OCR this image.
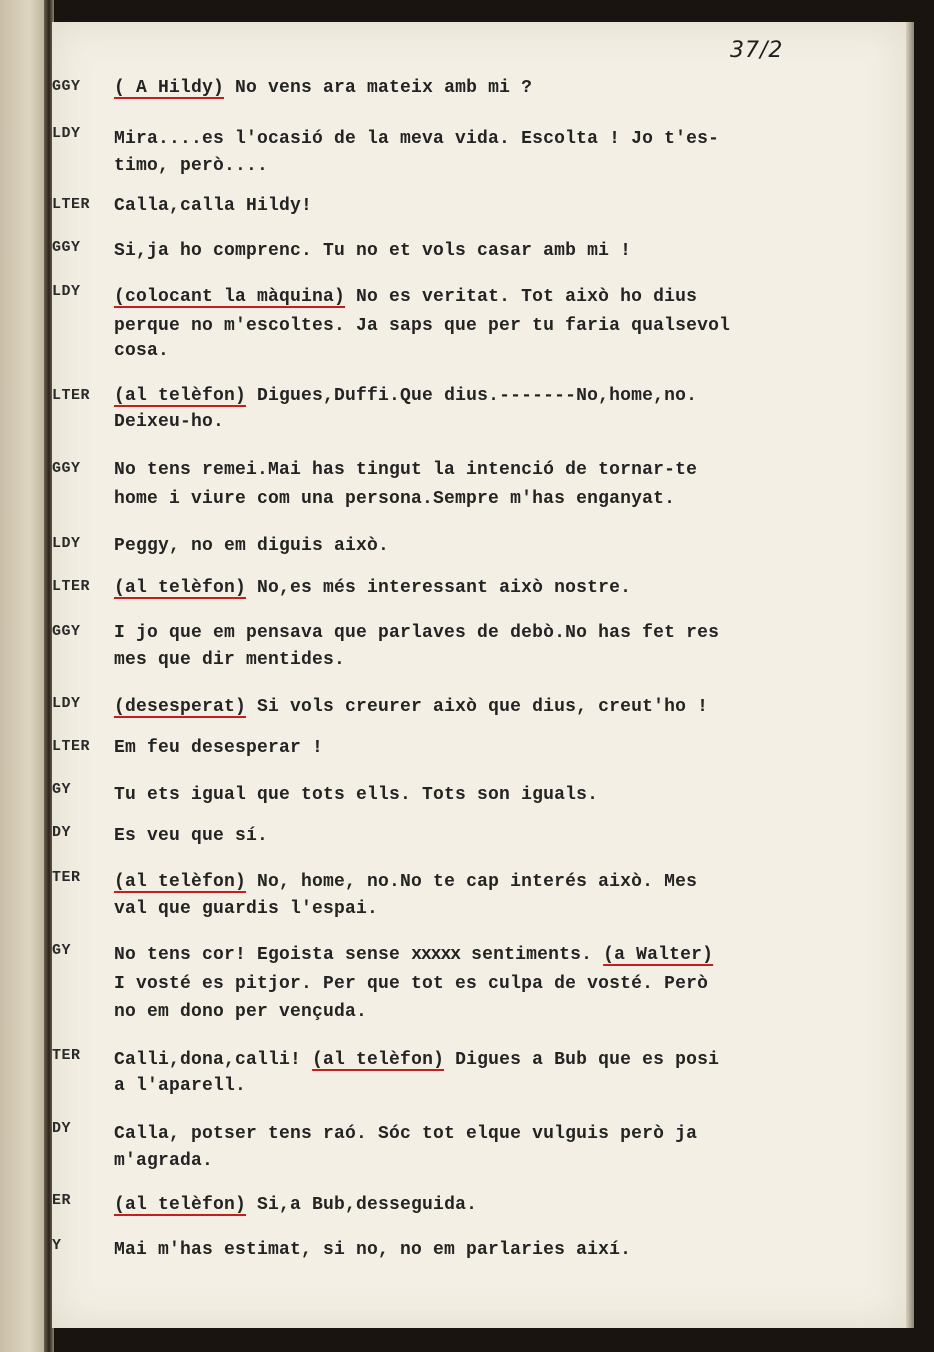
37/2
GGY
LDY
LTER
GGY
LDY
LTER
GGY
LDY
LTER
GGY
LDY
LTER
GY
DY
TER
GY
TER
DY
ER
Y
( A Hildy) No vens ara mateix amb mi ?
Mira....es l'ocasió de la meva vida. Escolta ! Jo t'es-
timo, però....
Calla,calla Hildy!
Si,ja ho comprenc. Tu no et vols casar amb mi !
(colocant la màquina) No es veritat. Tot això ho dius
perque no m'escoltes. Ja saps que per tu faria qualsevol
cosa.
(al telèfon) Digues,Duffi.Que dius.-------No,home,no.
Deixeu-ho.
No tens remei.Mai has tingut la intenció de tornar-te
home i viure com una persona.Sempre m'has enganyat.
Peggy, no em diguis això.
(al telèfon) No,es més interessant això nostre.
I jo que em pensava que parlaves de debò.No has fet res
mes que dir mentides.
(desesperat) Si vols creurer això que dius, creut'ho !
Em feu desesperar !
Tu ets igual que tots ells. Tots son iguals.
Es veu que sí.
(al telèfon) No, home, no.No te cap interés això. Mes
val que guardis l'espai.
No tens cor! Egoista sense xxxxx sentiments. (a Walter)
I vosté es pitjor. Per que tot es culpa de vosté. Però
no em dono per vençuda.
Calli,dona,calli! (al telèfon) Digues a Bub que es posi
a l'aparell.
Calla, potser tens raó. Sóc tot elque vulguis però ja
m'agrada.
(al telèfon) Si,a Bub,desseguida.
Mai m'has estimat, si no, no em parlaries així.
